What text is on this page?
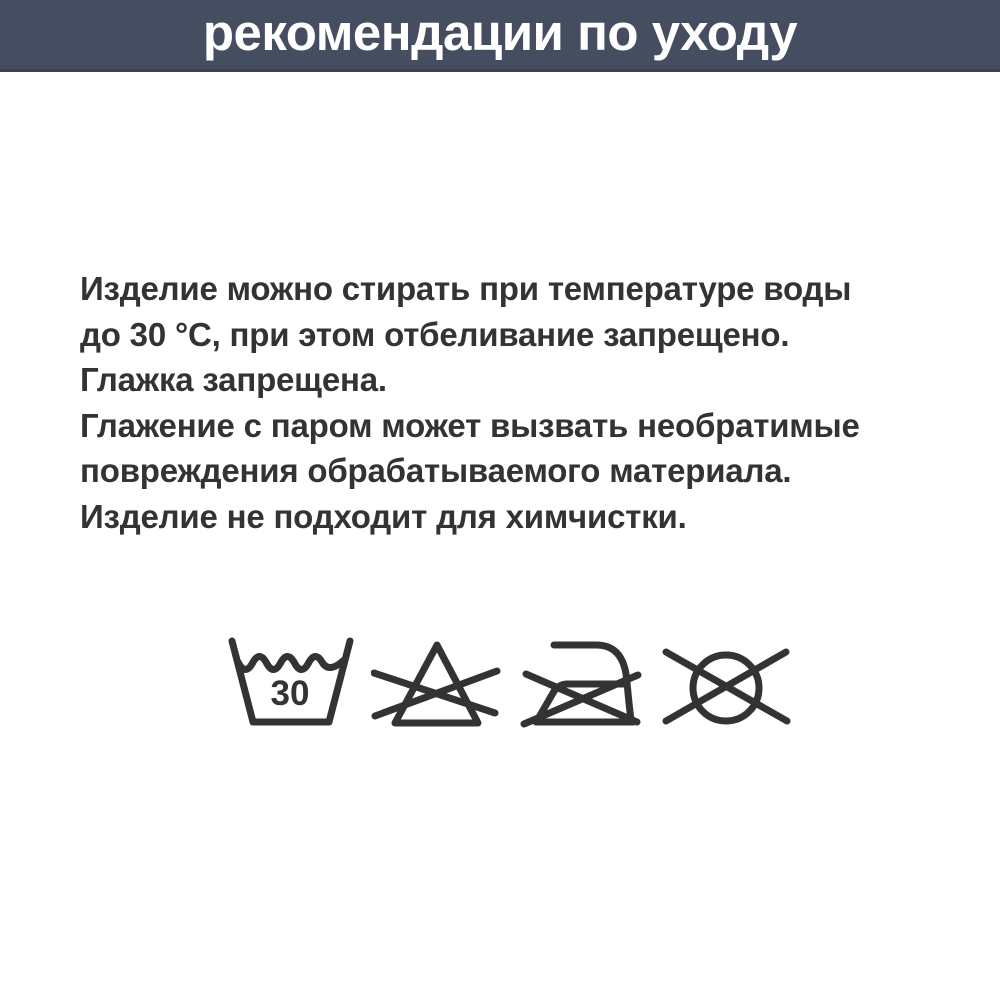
рекомендации по уходу

Изделие можно стирать при температуре воды
до 30 °С, при этом отбеливание запрещено.
Глажка запрещена.
Глажение с паром может вызвать необратимые
повреждения обрабатываемого материала.
Изделие не подходит для химчистки.

30
